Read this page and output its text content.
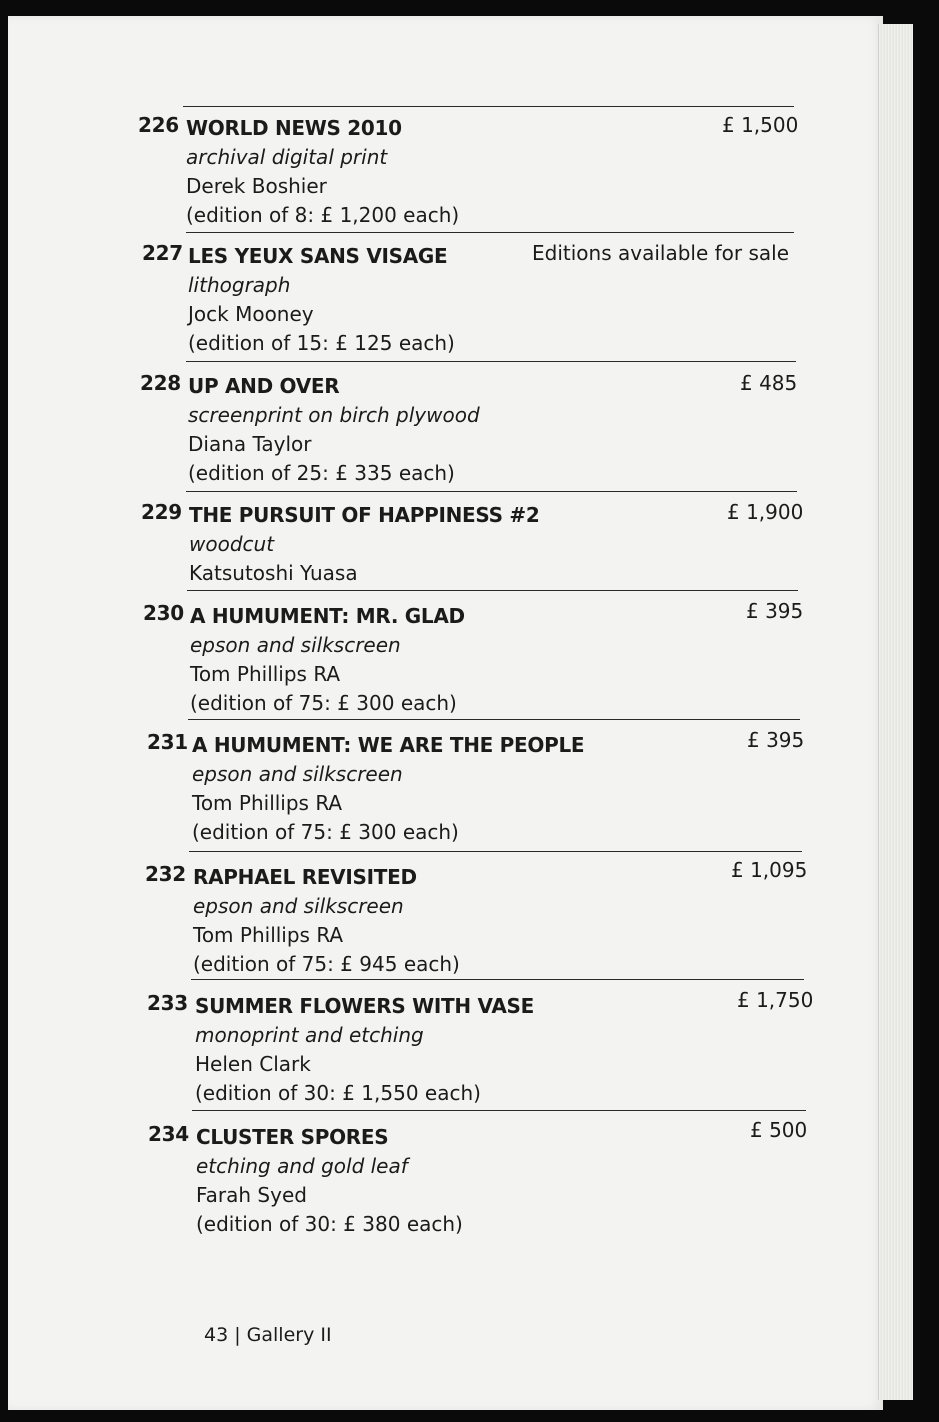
226 WORLD NEWS 2010
archival digital print
Derek Boshier
(edition of 8: £ 1,200 each)
£ 1,500
227 LES YEUX SANS VISAGE
lithograph
Jock Mooney
(edition of 15: £ 125 each)
Editions available for sale
228 UP AND OVER
screenprint on birch plywood
Diana Taylor
(edition of 25: £ 335 each)
£ 485
229 THE PURSUIT OF HAPPINESS #2
woodcut
Katsutoshi Yuasa
£ 1,900
230 A HUMUMENT: MR. GLAD
epson and silkscreen
Tom Phillips RA
(edition of 75: £ 300 each)
£ 395
231 A HUMUMENT: WE ARE THE PEOPLE
epson and silkscreen
Tom Phillips RA
(edition of 75: £ 300 each)
£ 395
232 RAPHAEL REVISITED
epson and silkscreen
Tom Phillips RA
(edition of 75: £ 945 each)
£ 1,095
233 SUMMER FLOWERS WITH VASE
monoprint and etching
Helen Clark
(edition of 30: £ 1,550 each)
£ 1,750
234 CLUSTER SPORES
etching and gold leaf
Farah Syed
(edition of 30: £ 380 each)
£ 500
43 | Gallery II
